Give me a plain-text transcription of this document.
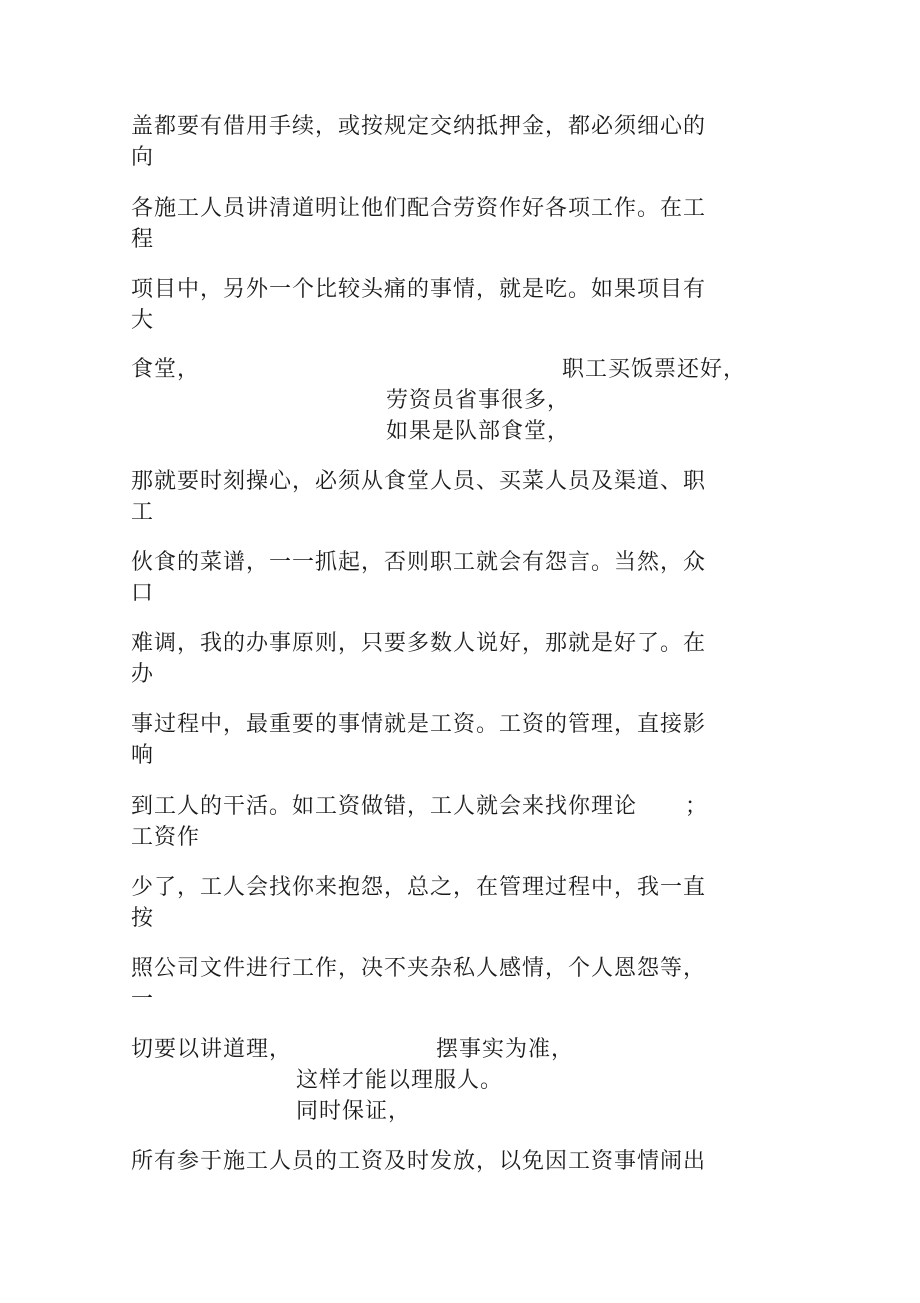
盖都要有借用手续，或按规定交纳抵押金，都必须细心的

向

各施工人员讲清道明让他们配合劳资作好各项工作。在工

程

项目中，另外一个比较头痛的事情，就是吃。如果项目有

大

食堂，	职工买饭票还好，

劳资员省事很多，

如果是队部食堂，

那就要时刻操心，必须从食堂人员、买菜人员及渠道、职

工

伙食的菜谱，一一抓起，否则职工就会有怨言。当然，众

口

难调，我的办事原则，只要多数人说好，那就是好了。在

办

事过程中，最重要的事情就是工资。工资的管理，直接影

响

到工人的干活。如工资做错，工人就会来找你理论 ；

工资作

少了，工人会找你来抱怨，总之，在管理过程中，我一直

按

照公司文件进行工作，决不夹杂私人感情，个人恩怨等，

一

切要以讲道理，	摆事实为准，

这样才能以理服人。

同时保证，

所有参于施工人员的工资及时发放，以免因工资事情闹出
